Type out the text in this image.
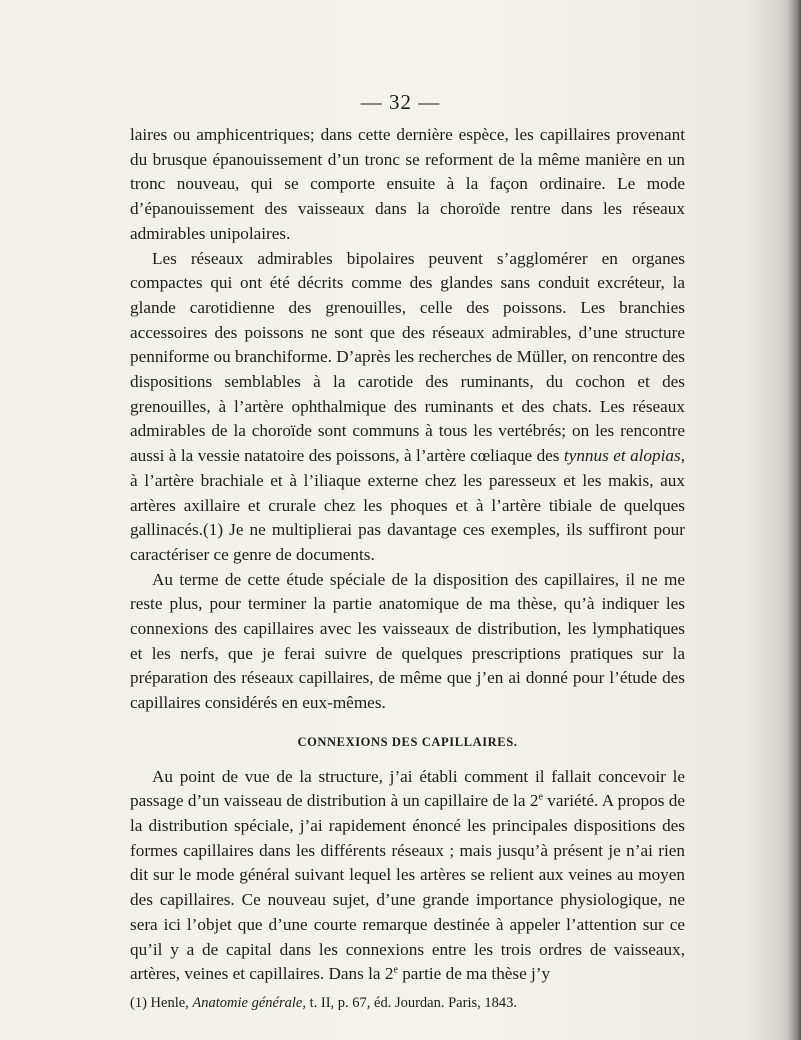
— 32 —

laires ou amphicentriques; dans cette dernière espèce, les capillaires provenant du brusque épanouissement d’un tronc se reforment de la même manière en un tronc nouveau, qui se comporte ensuite à la façon ordinaire. Le mode d’épanouissement des vaisseaux dans la choroïde rentre dans les réseaux admirables unipolaires.

Les réseaux admirables bipolaires peuvent s’agglomérer en organes compactes qui ont été décrits comme des glandes sans conduit excréteur, la glande carotidienne des grenouilles, celle des poissons. Les branchies accessoires des poissons ne sont que des réseaux admirables, d’une structure penniforme ou branchiforme. D’après les recherches de Müller, on rencontre des dispositions semblables à la carotide des ruminants, du cochon et des grenouilles, à l’artère ophthalmique des ruminants et des chats. Les réseaux admirables de la choroïde sont communs à tous les vertébrés; on les rencontre aussi à la vessie natatoire des poissons, à l’artère cœliaque des tynnus et alopias, à l’artère brachiale et à l’iliaque externe chez les paresseux et les makis, aux artères axillaire et crurale chez les phoques et à l’artère tibiale de quelques gallinacés.(1) Je ne multiplierai pas davantage ces exemples, ils suffiront pour caractériser ce genre de documents.

Au terme de cette étude spéciale de la disposition des capillaires, il ne me reste plus, pour terminer la partie anatomique de ma thèse, qu’à indiquer les connexions des capillaires avec les vaisseaux de distribution, les lymphatiques et les nerfs, que je ferai suivre de quelques prescriptions pratiques sur la préparation des réseaux capillaires, de même que j’en ai donné pour l’étude des capillaires considérés en eux-mêmes.

CONNEXIONS DES CAPILLAIRES.

Au point de vue de la structure, j’ai établi comment il fallait concevoir le passage d’un vaisseau de distribution à un capillaire de la 2e variété. A propos de la distribution spéciale, j’ai rapidement énoncé les principales dispositions des formes capillaires dans les différents réseaux ; mais jusqu’à présent je n’ai rien dit sur le mode général suivant lequel les artères se relient aux veines au moyen des capillaires. Ce nouveau sujet, d’une grande importance physiologique, ne sera ici l’objet que d’une courte remarque destinée à appeler l’attention sur ce qu’il y a de capital dans les connexions entre les trois ordres de vaisseaux, artères, veines et capillaires. Dans la 2e partie de ma thèse j’y

(1) Henle, Anatomie générale, t. II, p. 67, éd. Jourdan. Paris, 1843.
